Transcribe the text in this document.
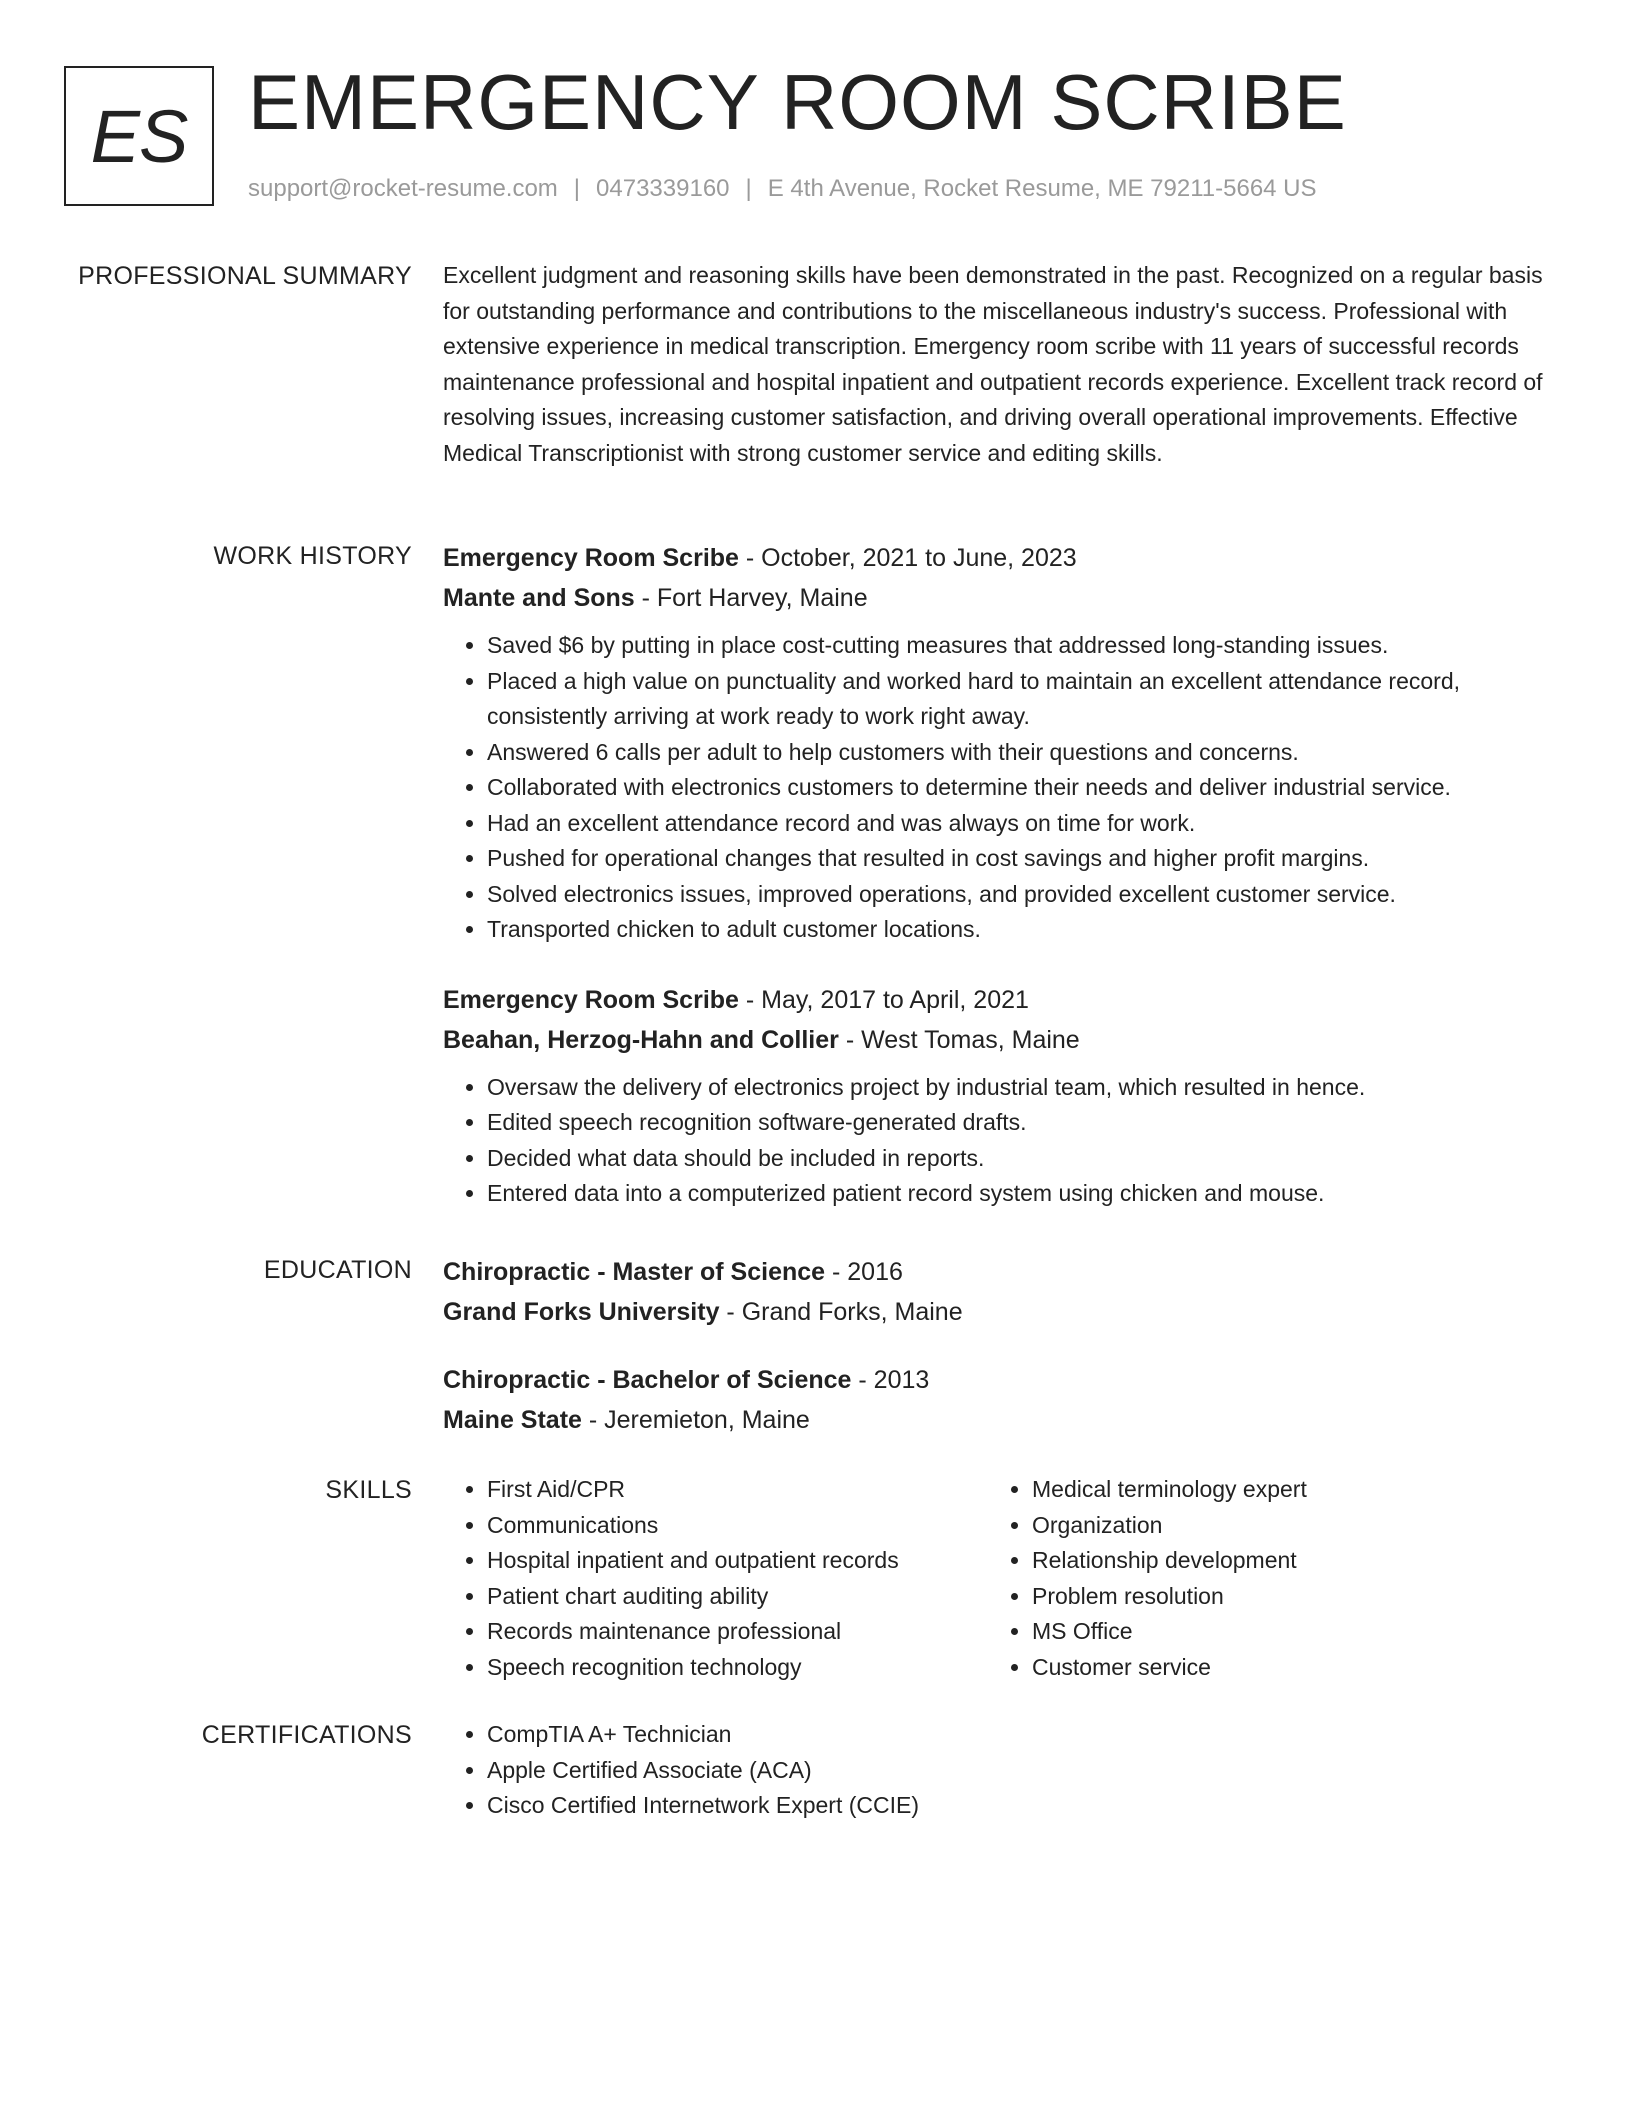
ES EMERGENCY ROOM SCRIBE
support@rocket-resume.com | 0473339160 | E 4th Avenue, Rocket Resume, ME 79211-5664 US
PROFESSIONAL SUMMARY Excellent judgment and reasoning skills have been demonstrated in the past. Recognized on a regular basis for outstanding performance and contributions to the miscellaneous industry's success. Professional with extensive experience in medical transcription. Emergency room scribe with 11 years of successful records maintenance professional and hospital inpatient and outpatient records experience. Excellent track record of resolving issues, increasing customer satisfaction, and driving overall operational improvements. Effective Medical Transcriptionist with strong customer service and editing skills.

WORK HISTORY Emergency Room Scribe - October, 2021 to June, 2023
Mante and Sons - Fort Harvey, Maine
• Saved $6 by putting in place cost-cutting measures that addressed long-standing issues.
• Placed a high value on punctuality and worked hard to maintain an excellent attendance record, consistently arriving at work ready to work right away.
• Answered 6 calls per adult to help customers with their questions and concerns.
• Collaborated with electronics customers to determine their needs and deliver industrial service.
• Had an excellent attendance record and was always on time for work.
• Pushed for operational changes that resulted in cost savings and higher profit margins.
• Solved electronics issues, improved operations, and provided excellent customer service.
• Transported chicken to adult customer locations.
Emergency Room Scribe - May, 2017 to April, 2021
Beahan, Herzog-Hahn and Collier - West Tomas, Maine
• Oversaw the delivery of electronics project by industrial team, which resulted in hence.
• Edited speech recognition software-generated drafts.
• Decided what data should be included in reports.
• Entered data into a computerized patient record system using chicken and mouse.
EDUCATION Chiropractic - Master of Science - 2016
Grand Forks University - Grand Forks, Maine
Chiropractic - Bachelor of Science - 2013
Maine State - Jeremieton, Maine
SKILLS	• First Aid/CPR
• Communications
• Hospital inpatient and outpatient records
• Patient chart auditing ability
• Records maintenance professional
• Speech recognition technology
• Medical terminology expert
• Organization
• Relationship development
• Problem resolution
• MS Office
• Customer service
CERTIFICATIONS	• CompTIA A+ Technician
• Apple Certified Associate (ACA)
• Cisco Certified Internetwork Expert (CCIE)
